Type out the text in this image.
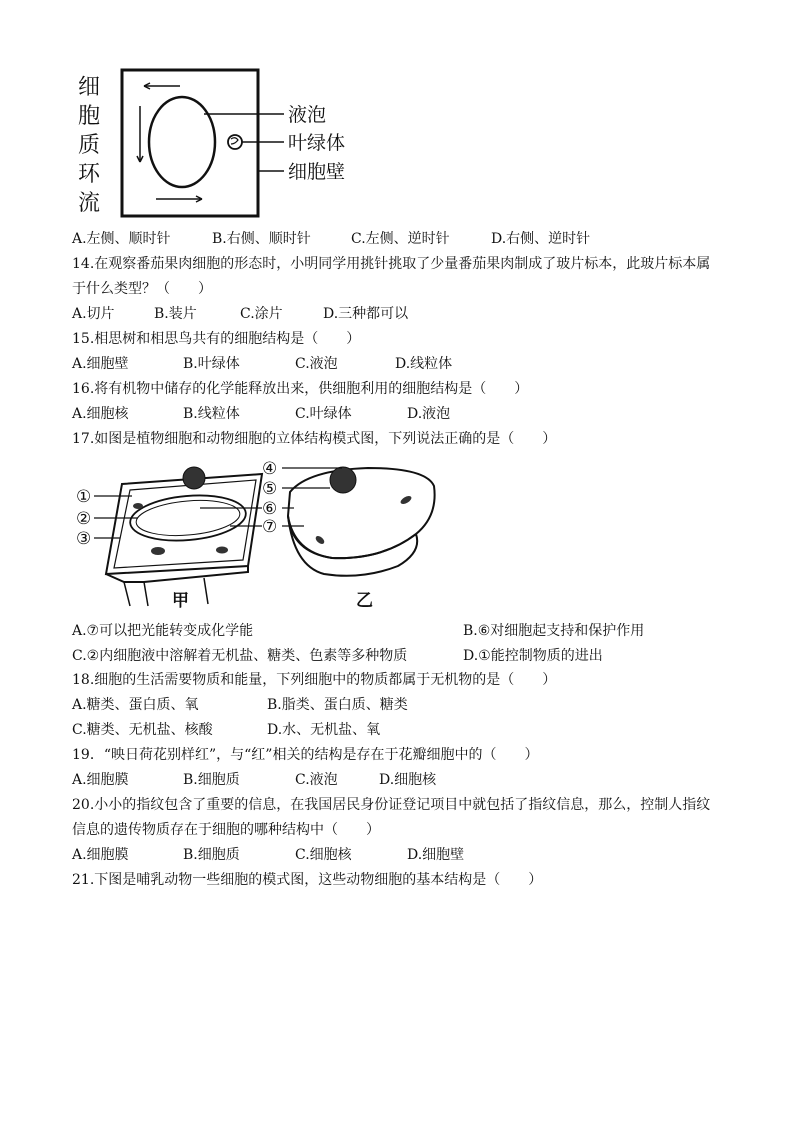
细
胞
质
环
流
液泡
叶绿体
细胞壁
A.左侧、顺时针	B.右侧、顺时针	C.左侧、逆时针	D.右侧、逆时针
14.在观察番茄果肉细胞的形态时，小明同学用挑针挑取了少量番茄果肉制成了玻片标本，此玻片标本属
于什么类型？（　　）
A.切片	B.装片	C.涂片	D.三种都可以
15.相思树和相思鸟共有的细胞结构是（　　）
A.细胞壁	B.叶绿体	C.液泡	D.线粒体
16.将有机物中储存的化学能释放出来，供细胞利用的细胞结构是（　　）
A.细胞核	B.线粒体	C.叶绿体	D.液泡
17.如图是植物细胞和动物细胞的立体结构模式图，下列说法正确的是（　　）
①
②
③
④
⑤
⑥
⑦
甲	乙
A.⑦可以把光能转变成化学能	B.⑥对细胞起支持和保护作用
C.②内细胞液中溶解着无机盐、糖类、色素等多种物质	D.①能控制物质的进出
18.细胞的生活需要物质和能量，下列细胞中的物质都属于无机物的是（　　）
A.糖类、蛋白质、氧	B.脂类、蛋白质、糖类
C.糖类、无机盐、核酸	D.水、无机盐、氧
19．“映日荷花别样红”，与“红”相关的结构是存在于花瓣细胞中的（　　）
A.细胞膜	B.细胞质	C.液泡	D.细胞核
20.小小的指纹包含了重要的信息，在我国居民身份证登记项目中就包括了指纹信息，那么，控制人指纹
信息的遗传物质存在于细胞的哪种结构中（　　）
A.细胞膜	B.细胞质	C.细胞核	D.细胞壁
21.下图是哺乳动物一些细胞的模式图，这些动物细胞的基本结构是（　　）
